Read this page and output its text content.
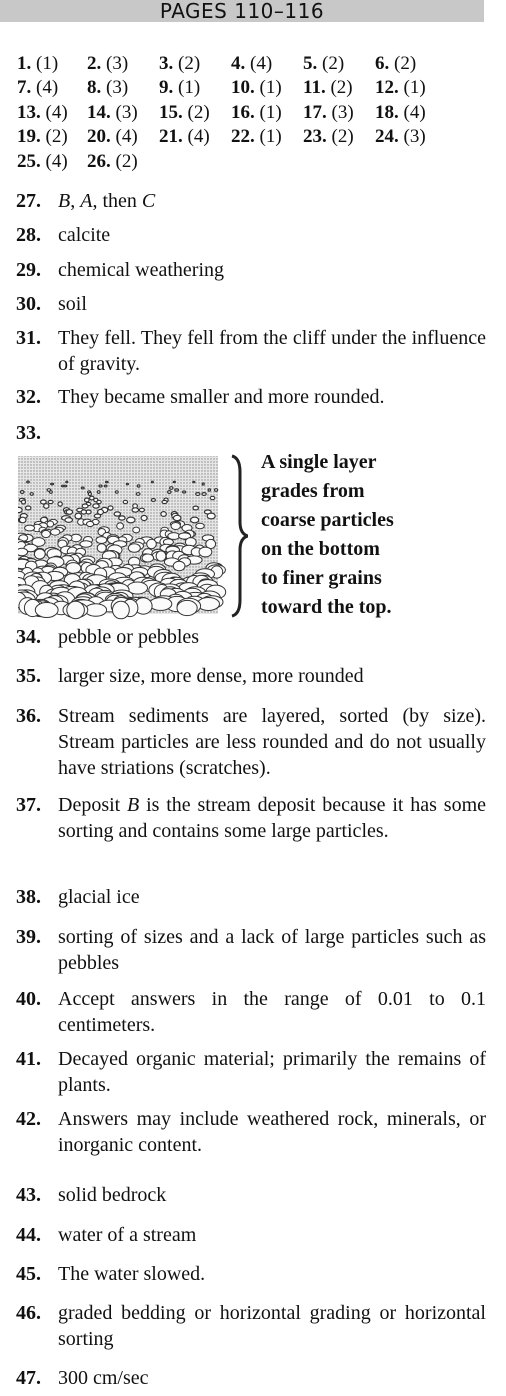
PAGES 110–116
1. (1) 2. (3) 3. (2) 4. (4) 5. (2) 6. (2)
7. (4) 8. (3) 9. (1) 10. (1) 11. (2) 12. (1)
13. (4) 14. (3) 15. (2) 16. (1) 17. (3) 18. (4)
19. (2) 20. (4) 21. (4) 22. (1) 23. (2) 24. (3)
25. (4) 26. (2)
27. B, A, then C
28. calcite
29. chemical weathering
30. soil
31. They fell. They fell from the cliff under the influence of gravity.
32. They became smaller and more rounded.
33.
34. pebble or pebbles
35. larger size, more dense, more rounded
36. Stream sediments are layered, sorted (by size). Stream particles are less rounded and do not usually have striations (scratches).
37. Deposit B is the stream deposit because it has some sorting and contains some large particles.
38. glacial ice
39. sorting of sizes and a lack of large particles such as pebbles
40. Accept answers in the range of 0.01 to 0.1 centimeters.
41. Decayed organic material; primarily the remains of plants.
42. Answers may include weathered rock, minerals, or inorganic content.
43. solid bedrock
44. water of a stream
45. The water slowed.
46. graded bedding or horizontal grading or horizontal sorting
47. 300 cm/sec
A single layer
grades from
coarse particles
on the bottom
to finer grains
toward the top.
